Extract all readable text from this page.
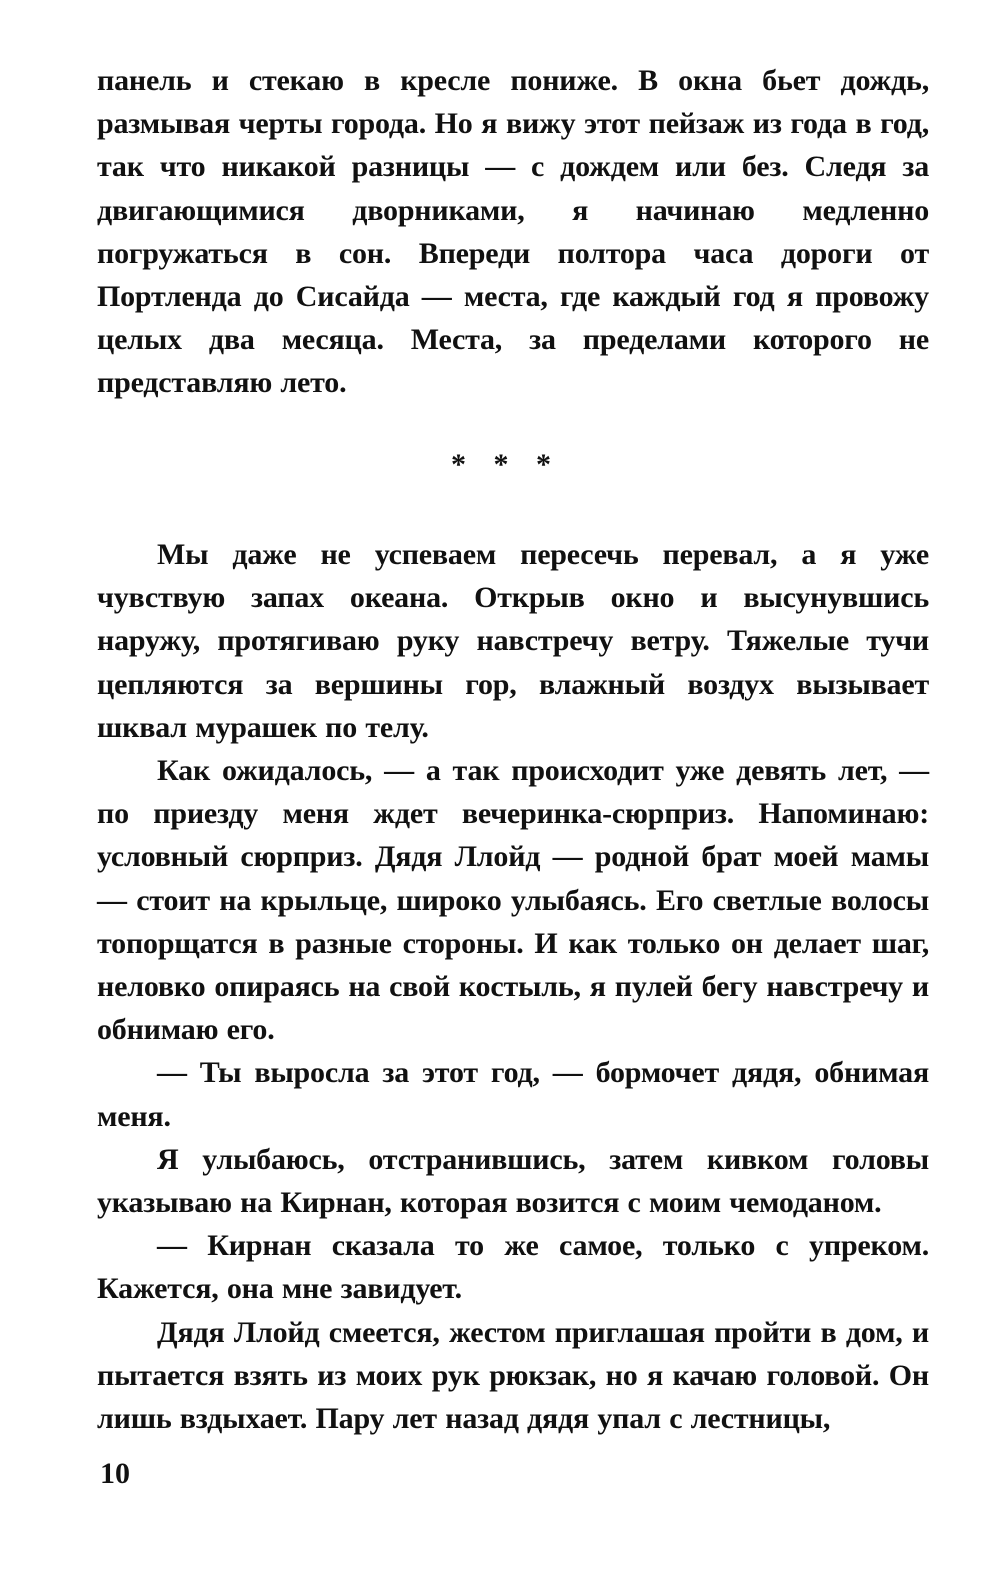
панель и стекаю в кресле пониже. В окна бьет дождь, размывая черты города. Но я вижу этот пейзаж из года в год, так что никакой разницы — с дождем или без. Следя за двигающимися дворниками, я начинаю медленно погружаться в сон. Впереди полтора часа дороги от Портленда до Сисайда — места, где каждый год я провожу целых два месяца. Места, за пределами которого не представляю лето.

* * *

Мы даже не успеваем пересечь перевал, а я уже чувствую запах океана. Открыв окно и высунувшись наружу, протягиваю руку навстречу ветру. Тяжелые тучи цепляются за вершины гор, влажный воздух вызывает шквал мурашек по телу.

Как ожидалось, — а так происходит уже девять лет, — по приезду меня ждет вечеринка-сюрприз. Напоминаю: условный сюрприз. Дядя Ллойд — родной брат моей мамы — стоит на крыльце, широко улыбаясь. Его светлые волосы топорщатся в разные стороны. И как только он делает шаг, неловко опираясь на свой костыль, я пулей бегу навстречу и обнимаю его.

— Ты выросла за этот год, — бормочет дядя, обнимая меня.

Я улыбаюсь, отстранившись, затем кивком головы указываю на Кирнан, которая возится с моим чемоданом.

— Кирнан сказала то же самое, только с упреком. Кажется, она мне завидует.

Дядя Ллойд смеется, жестом приглашая пройти в дом, и пытается взять из моих рук рюкзак, но я качаю головой. Он лишь вздыхает. Пару лет назад дядя упал с лестницы,

10
